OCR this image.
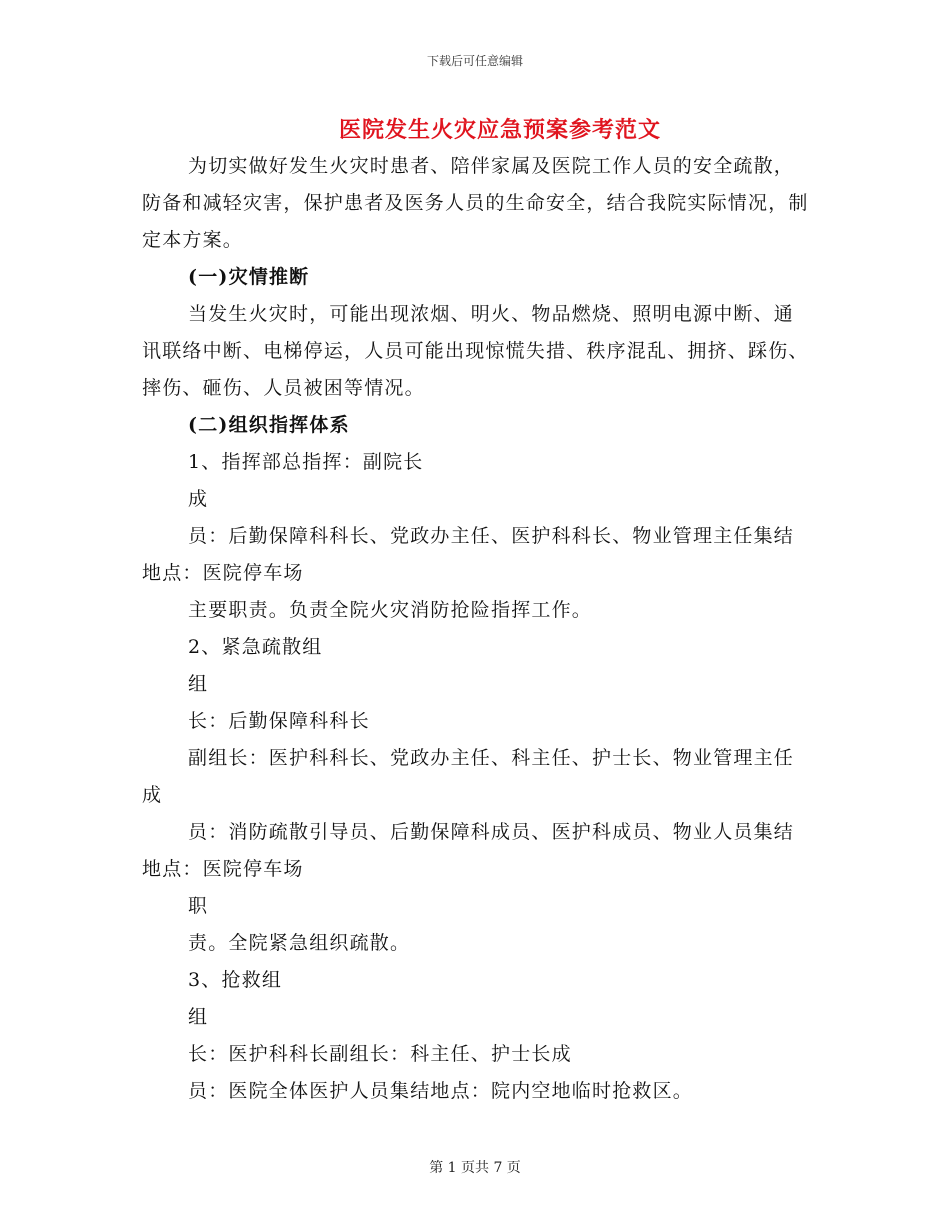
下载后可任意编辑
医院发生火灾应急预案参考范文

为切实做好发生火灾时患者、陪伴家属及医院工作人员的安全疏散，防备和减轻灾害，保护患者及医务人员的生命安全，结合我院实际情况，制定本方案。

(一)灾情推断

当发生火灾时，可能出现浓烟、明火、物品燃烧、照明电源中断、通讯联络中断、电梯停运，人员可能出现惊慌失措、秩序混乱、拥挤、踩伤、摔伤、砸伤、人员被困等情况。

(二)组织指挥体系

1、指挥部总指挥：副院长

成

员：后勤保障科科长、党政办主任、医护科科长、物业管理主任集结地点：医院停车场

主要职责。负责全院火灾消防抢险指挥工作。

2、紧急疏散组

组

长：后勤保障科科长

副组长：医护科科长、党政办主任、科主任、护士长、物业管理主任成

员：消防疏散引导员、后勤保障科成员、医护科成员、物业人员集结地点：医院停车场

职

责。全院紧急组织疏散。

3、抢救组

组

长：医护科科长副组长：科主任、护士长成

员：医院全体医护人员集结地点：院内空地临时抢救区。

第 1 页共 7 页
